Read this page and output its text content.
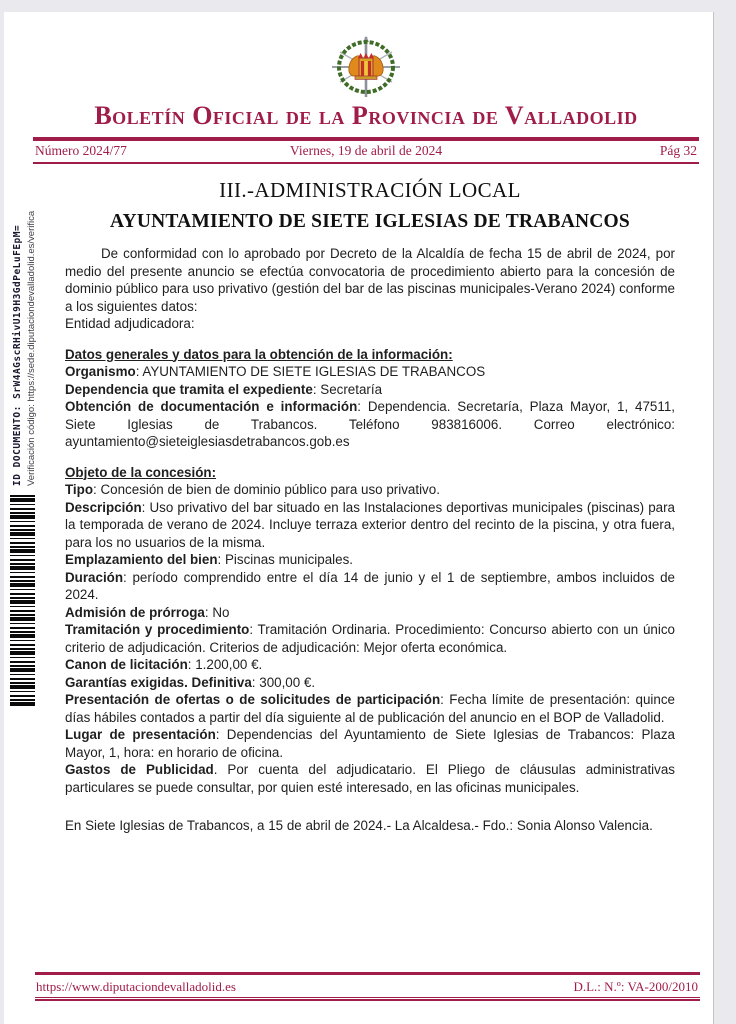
ID DOCUMENTO: SrW4AGscRHivU19H3GdPeLuFEpM= Verificación código: https://sede.diputaciondevalladolid.es/verifica
Boletín Oficial de la Provincia de Valladolid
Número 2024/77	Viernes, 19 de abril de 2024	Pág 32
III.-ADMINISTRACIÓN LOCAL
AYUNTAMIENTO DE SIETE IGLESIAS DE TRABANCOS

De conformidad con lo aprobado por Decreto de la Alcaldía de fecha 15 de abril de 2024, por medio del presente anuncio se efectúa convocatoria de procedimiento abierto para la concesión de dominio público para uso privativo (gestión del bar de las piscinas municipales-Verano 2024) conforme a los siguientes datos:

Entidad adjudicadora:

Datos generales y datos para la obtención de la información:

Organismo: AYUNTAMIENTO DE SIETE IGLESIAS DE TRABANCOS

Dependencia que tramita el expediente: Secretaría

Obtención de documentación e información: Dependencia. Secretaría, Plaza Mayor, 1, 47511, Siete Iglesias de Trabancos. Teléfono 983816006. Correo electrónico: ayuntamiento@sieteiglesiasdetrabancos.gob.es

Objeto de la concesión:

Tipo: Concesión de bien de dominio público para uso privativo.

Descripción: Uso privativo del bar situado en las Instalaciones deportivas municipales (piscinas) para la temporada de verano de 2024. Incluye terraza exterior dentro del recinto de la piscina, y otra fuera, para los no usuarios de la misma.

Emplazamiento del bien: Piscinas municipales.

Duración: período comprendido entre el día 14 de junio y el 1 de septiembre, ambos incluidos de 2024.

Admisión de prórroga: No

Tramitación y procedimiento: Tramitación Ordinaria. Procedimiento: Concurso abierto con un único criterio de adjudicación. Criterios de adjudicación: Mejor oferta económica.

Canon de licitación: 1.200,00 €.

Garantías exigidas. Definitiva: 300,00 €.

Presentación de ofertas o de solicitudes de participación: Fecha límite de presentación: quince días hábiles contados a partir del día siguiente al de publicación del anuncio en el BOP de Valladolid.

Lugar de presentación: Dependencias del Ayuntamiento de Siete Iglesias de Trabancos: Plaza Mayor, 1, hora: en horario de oficina.

Gastos de Publicidad. Por cuenta del adjudicatario. El Pliego de cláusulas administrativas particulares se puede consultar, por quien esté interesado, en las oficinas municipales.

En Siete Iglesias de Trabancos, a 15 de abril de 2024.- La Alcaldesa.- Fdo.: Sonia Alonso Valencia.

https://www.diputaciondevalladolid.es	D.L.: N.º: VA-200/2010
